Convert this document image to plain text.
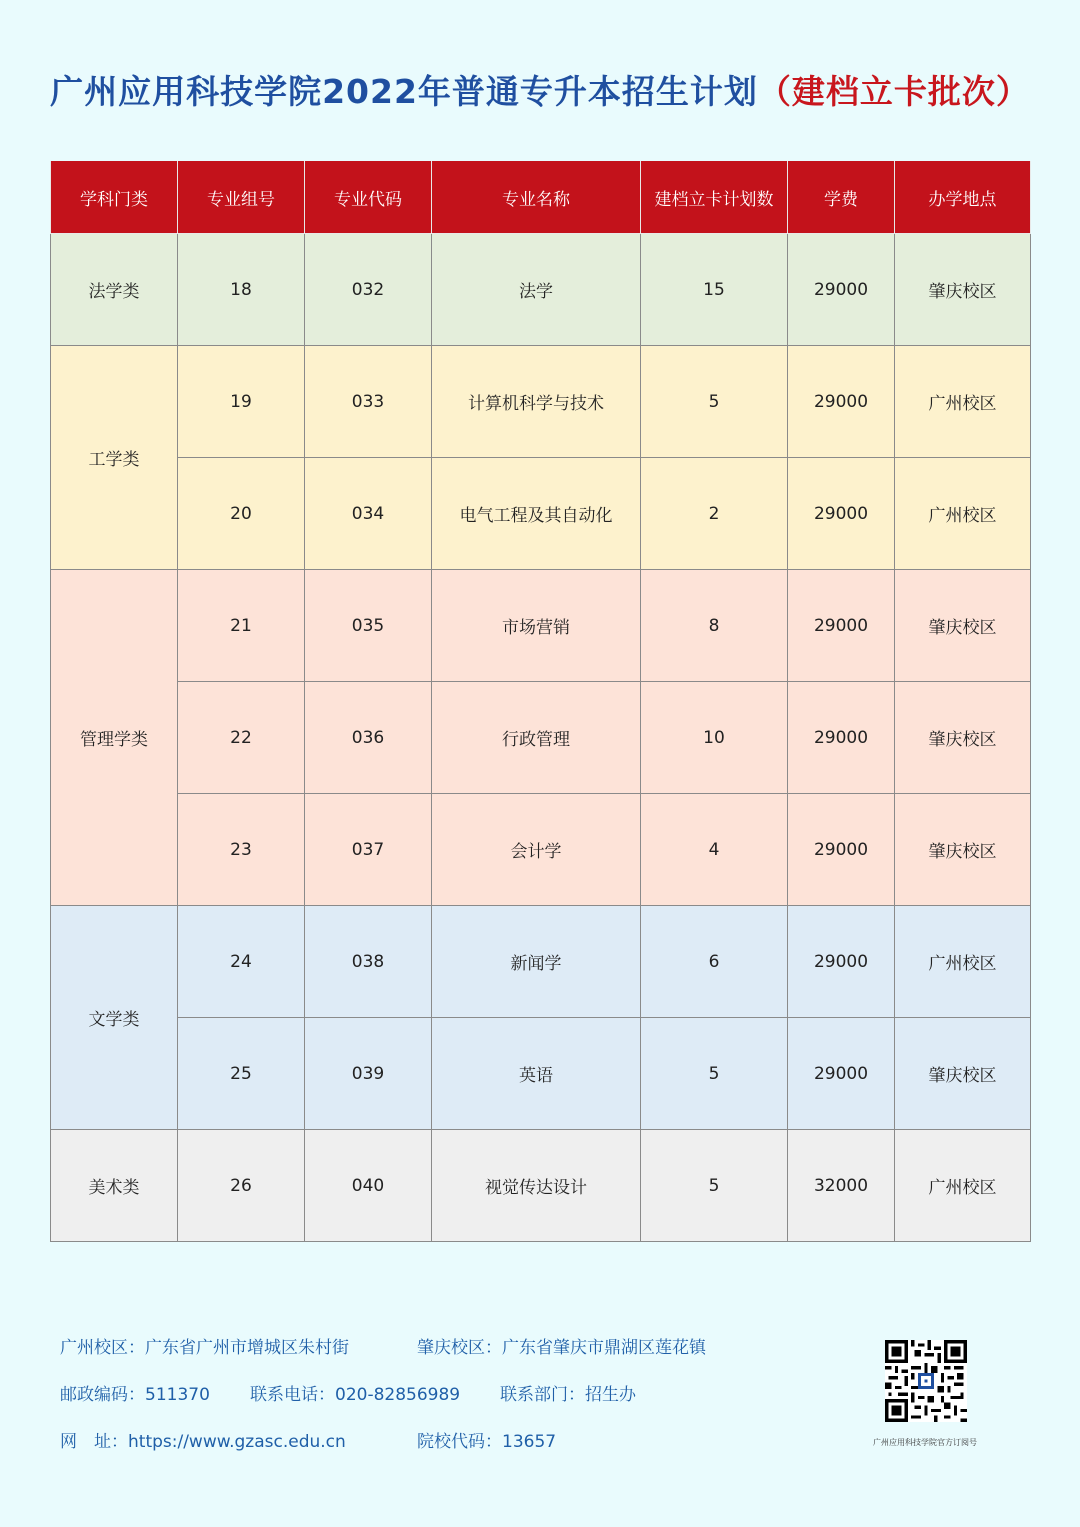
广州应用科技学院2022年普通专升本招生计划（建档立卡批次）
学科门类	专业组号	专业代码	专业名称	建档立卡计划数	学费	办学地点
法学类	18	032	法学	15	29000	肇庆校区
工学类	19	033	计算机科学与技术	5	29000	广州校区
	20	034	电气工程及其自动化	2	29000	广州校区
管理学类	21	035	市场营销	8	29000	肇庆校区
	22	036	行政管理	10	29000	肇庆校区
	23	037	会计学	4	29000	肇庆校区
文学类	24	038	新闻学	6	29000	广州校区
	25	039	英语	5	29000	肇庆校区
美术类	26	040	视觉传达设计	5	32000	广州校区
广州校区：广东省广州市增城区朱村街	肇庆校区：广东省肇庆市鼎湖区莲花镇
邮政编码：511370 联系电话：020-82856989 联系部门：招生办
网　址：https://www.gzasc.edu.cn	院校代码：13657	广州应用科技学院官方订阅号
